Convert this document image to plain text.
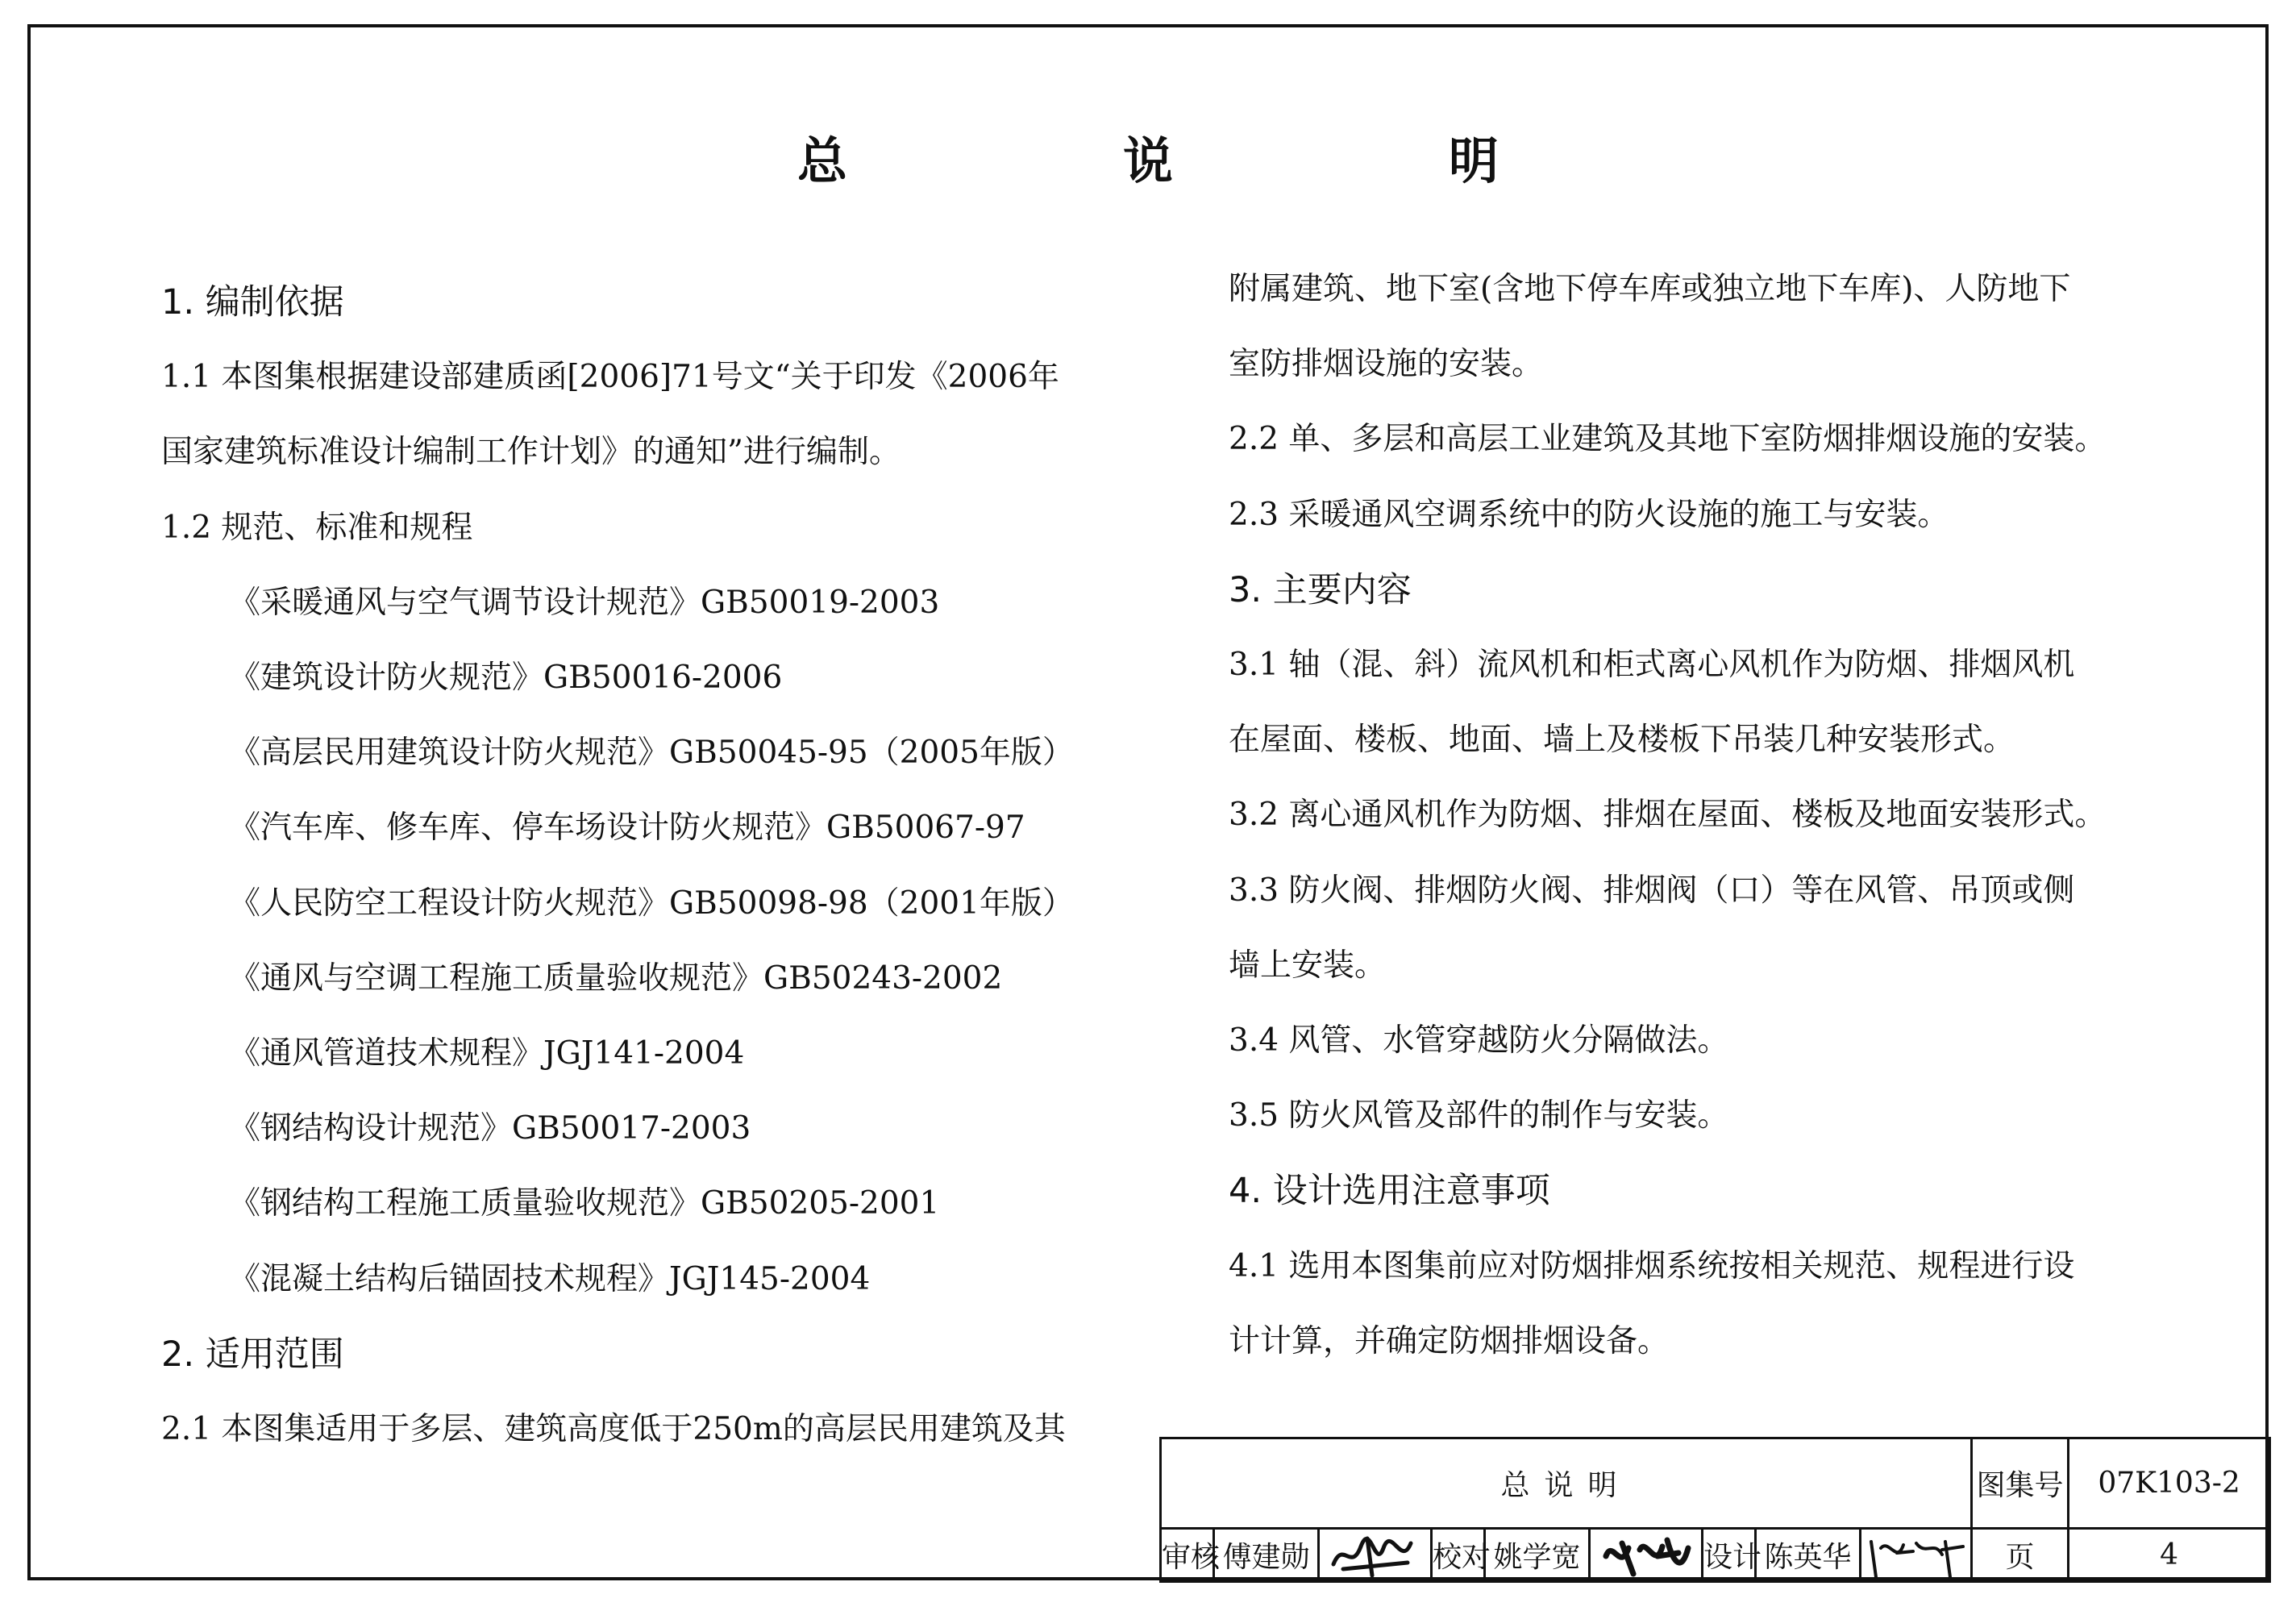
总　说　明
1. 编制依据
1.1 本图集根据建设部建质函[2006]71号文“关于印发《2006年
国家建筑标准设计编制工作计划》的通知”进行编制。
1.2 规范、标准和规程
《采暖通风与空气调节设计规范》GB50019-2003
《建筑设计防火规范》GB50016-2006
《高层民用建筑设计防火规范》GB50045-95（2005年版）
《汽车库、修车库、停车场设计防火规范》GB50067-97
《人民防空工程设计防火规范》GB50098-98（2001年版）
《通风与空调工程施工质量验收规范》GB50243-2002
《通风管道技术规程》JGJ141-2004
《钢结构设计规范》GB50017-2003
《钢结构工程施工质量验收规范》GB50205-2001
《混凝土结构后锚固技术规程》JGJ145-2004
2. 适用范围
2.1 本图集适用于多层、建筑高度低于250m的高层民用建筑及其
附属建筑、地下室(含地下停车库或独立地下车库)、人防地下
室防排烟设施的安装。
2.2 单、多层和高层工业建筑及其地下室防烟排烟设施的安装。
2.3 采暖通风空调系统中的防火设施的施工与安装。
3. 主要内容
3.1 轴（混、斜）流风机和柜式离心风机作为防烟、排烟风机
在屋面、楼板、地面、墙上及楼板下吊装几种安装形式。
3.2 离心通风机作为防烟、排烟在屋面、楼板及地面安装形式。
3.3 防火阀、排烟防火阀、排烟阀（口）等在风管、吊顶或侧
墙上安装。
3.4 风管、水管穿越防火分隔做法。
3.5 防火风管及部件的制作与安装。
4. 设计选用注意事项
4.1 选用本图集前应对防烟排烟系统按相关规范、规程进行设
计计算，并确定防烟排烟设备。
总说明									图集号	07K103-2
审核	傅建勋		校对	姚学宽		设计	陈英华		页	4
